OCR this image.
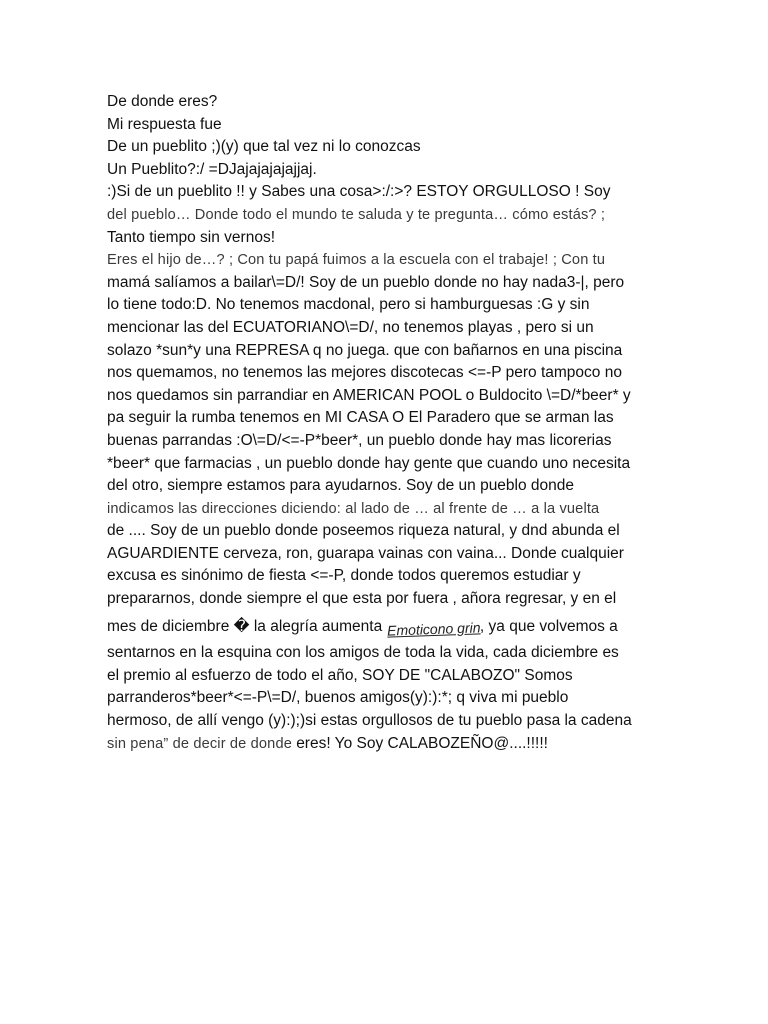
De donde eres?
Mi respuesta fue
De un pueblito ;)(y) que tal vez ni lo conozcas
Un Pueblito?:/ =DJajajajajajjaj.
:)Si de un pueblito !! y Sabes una cosa>:/:>? ESTOY ORGULLOSO ! Soy
del pueblo… Donde todo el mundo te saluda y te pregunta… cómo estás? ;
Tanto tiempo sin vernos!
Eres el hijo de…? ; Con tu papá fuimos a la escuela con el trabaje! ; Con tu
mamá salíamos a bailar\=D/! Soy de un pueblo donde no hay nada3-|, pero
lo tiene todo:D. No tenemos macdonal, pero si hamburguesas :G y sin
mencionar las del ECUATORIANO\=D/, no tenemos playas , pero si un
solazo *sun*y una REPRESA q no juega. que con bañarnos en una piscina
nos quemamos, no tenemos las mejores discotecas <=-P pero tampoco no
nos quedamos sin parrandiar en AMERICAN POOL o Buldocito \=D/*beer* y
pa seguir la rumba tenemos en MI CASA O El Paradero que se arman las
buenas parrandas :O\=D/<=-P*beer*, un pueblo donde hay mas licorerias
*beer* que farmacias , un pueblo donde hay gente que cuando uno necesita
del otro, siempre estamos para ayudarnos. Soy de un pueblo donde
indicamos las direcciones diciendo: al lado de … al frente de … a la vuelta
de .... Soy de un pueblo donde poseemos riqueza natural, y dnd abunda el
AGUARDIENTE cerveza, ron, guarapa vainas con vaina... Donde cualquier
excusa es sinónimo de fiesta <=-P, donde todos queremos estudiar y
prepararnos, donde siempre el que esta por fuera , añora regresar, y en el
mes de diciembre � la alegría aumenta Emoticono grin, ya que volvemos a
sentarnos en la esquina con los amigos de toda la vida, cada diciembre es
el premio al esfuerzo de todo el año, SOY DE "CALABOZO" Somos
parranderos*beer*<=-P\=D/, buenos amigos(y):):*; q viva mi pueblo
hermoso, de allí vengo (y):);)si estas orgullosos de tu pueblo pasa la cadena
sin pena” de decir de donde eres! Yo Soy CALABOZEÑO@....!!!!!
